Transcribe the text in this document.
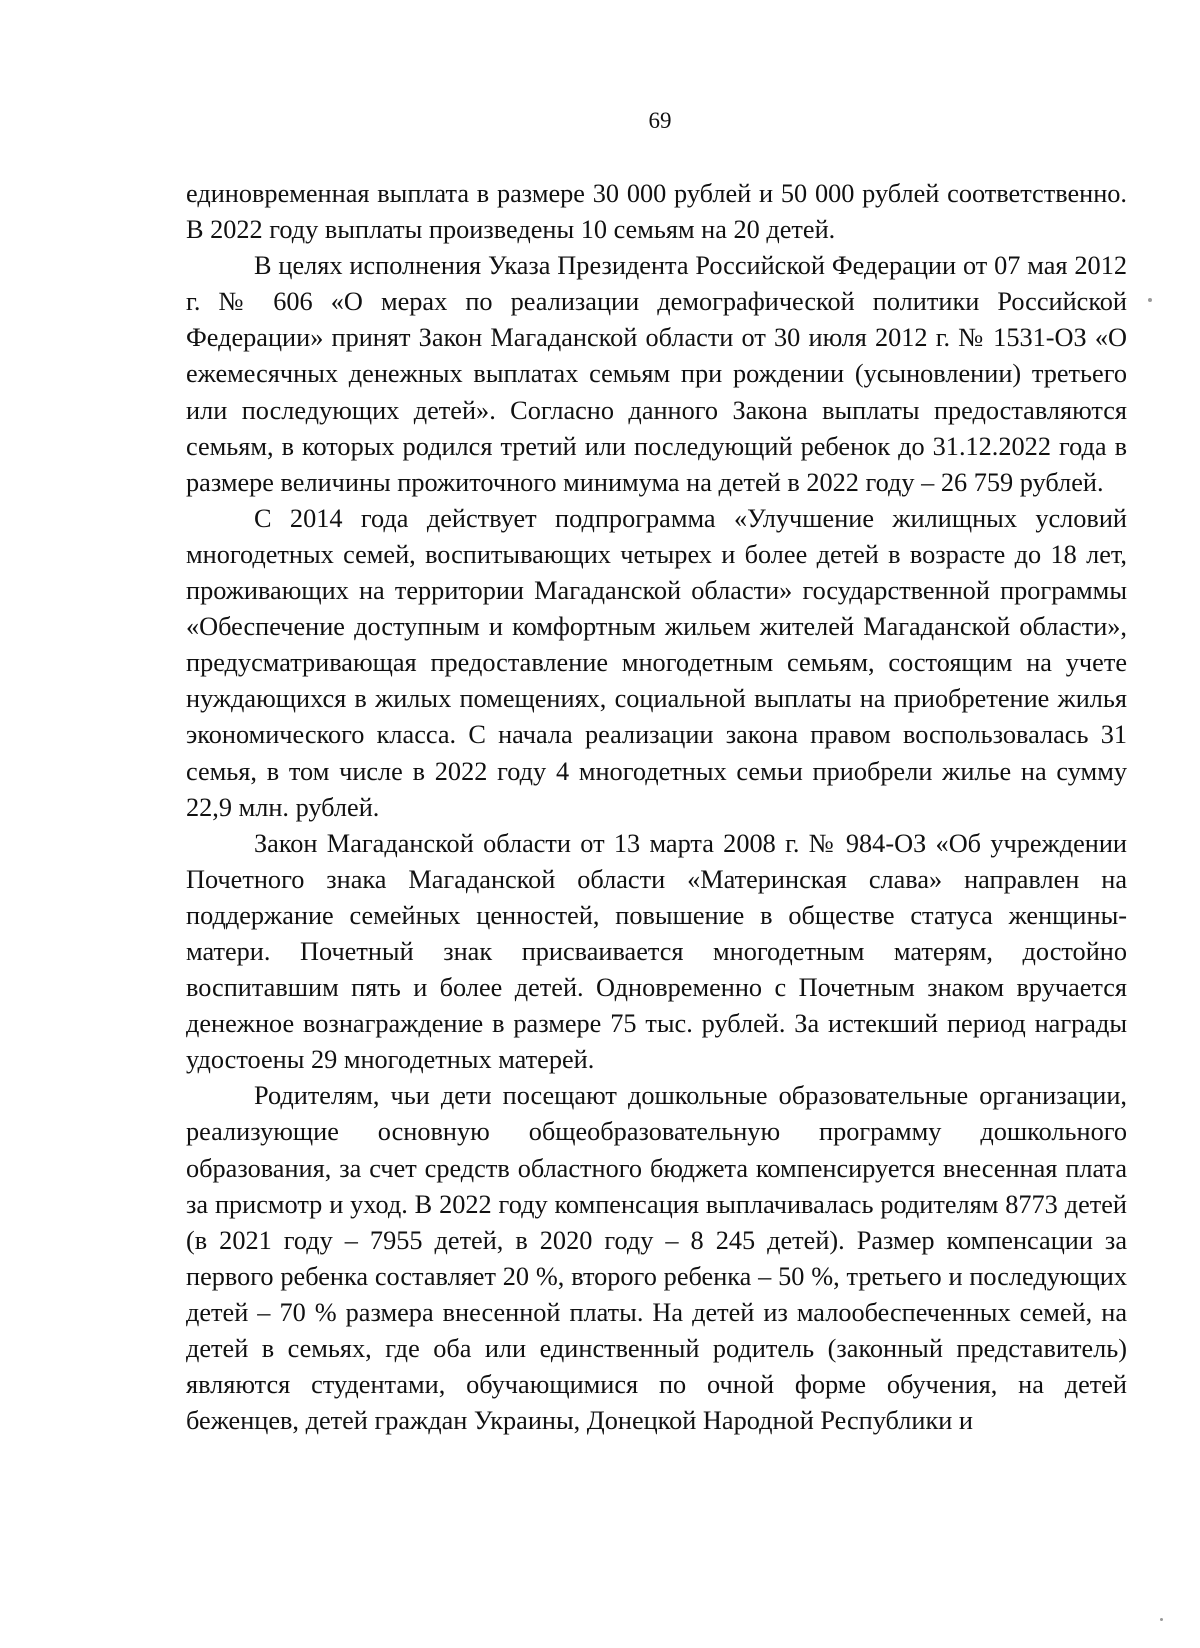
69

единовременная выплата в размере 30 000 рублей и 50 000 рублей соответственно. В 2022 году выплаты произведены 10 семьям на 20 детей.

В целях исполнения Указа Президента Российской Федерации от 07 мая 2012 г. № 606 «О мерах по реализации демографической политики Российской Федерации» принят Закон Магаданской области от 30 июля 2012 г. № 1531-ОЗ «О ежемесячных денежных выплатах семьям при рождении (усыновлении) третьего или последующих детей». Согласно данного Закона выплаты предоставляются семьям, в которых родился третий или последующий ребенок до 31.12.2022 года в размере величины прожиточного минимума на детей в 2022 году – 26 759 рублей.

С 2014 года действует подпрограмма «Улучшение жилищных условий многодетных семей, воспитывающих четырех и более детей в возрасте до 18 лет, проживающих на территории Магаданской области» государственной программы «Обеспечение доступным и комфортным жильем жителей Магаданской области», предусматривающая предоставление многодетным семьям, состоящим на учете нуждающихся в жилых помещениях, социальной выплаты на приобретение жилья экономического класса. С начала реализации закона правом воспользовалась 31 семья, в том числе в 2022 году 4 многодетных семьи приобрели жилье на сумму 22,9 млн. рублей.

Закон Магаданской области от 13 марта 2008 г. № 984-ОЗ «Об учреждении Почетного знака Магаданской области «Материнская слава» направлен на поддержание семейных ценностей, повышение в обществе статуса женщины-матери. Почетный знак присваивается многодетным матерям, достойно воспитавшим пять и более детей. Одновременно с Почетным знаком вручается денежное вознаграждение в размере 75 тыс. рублей. За истекший период награды удостоены 29 многодетных матерей.

Родителям, чьи дети посещают дошкольные образовательные организации, реализующие основную общеобразовательную программу дошкольного образования, за счет средств областного бюджета компенсируется внесенная плата за присмотр и уход. В 2022 году компенсация выплачивалась родителям 8773 детей (в 2021 году – 7955 детей, в 2020 году – 8 245 детей). Размер компенсации за первого ребенка составляет 20 %, второго ребенка – 50 %, третьего и последующих детей – 70 % размера внесенной платы. На детей из малообеспеченных семей, на детей в семьях, где оба или единственный родитель (законный представитель) являются студентами, обучающимися по очной форме обучения, на детей беженцев, детей граждан Украины, Донецкой Народной Республики и
